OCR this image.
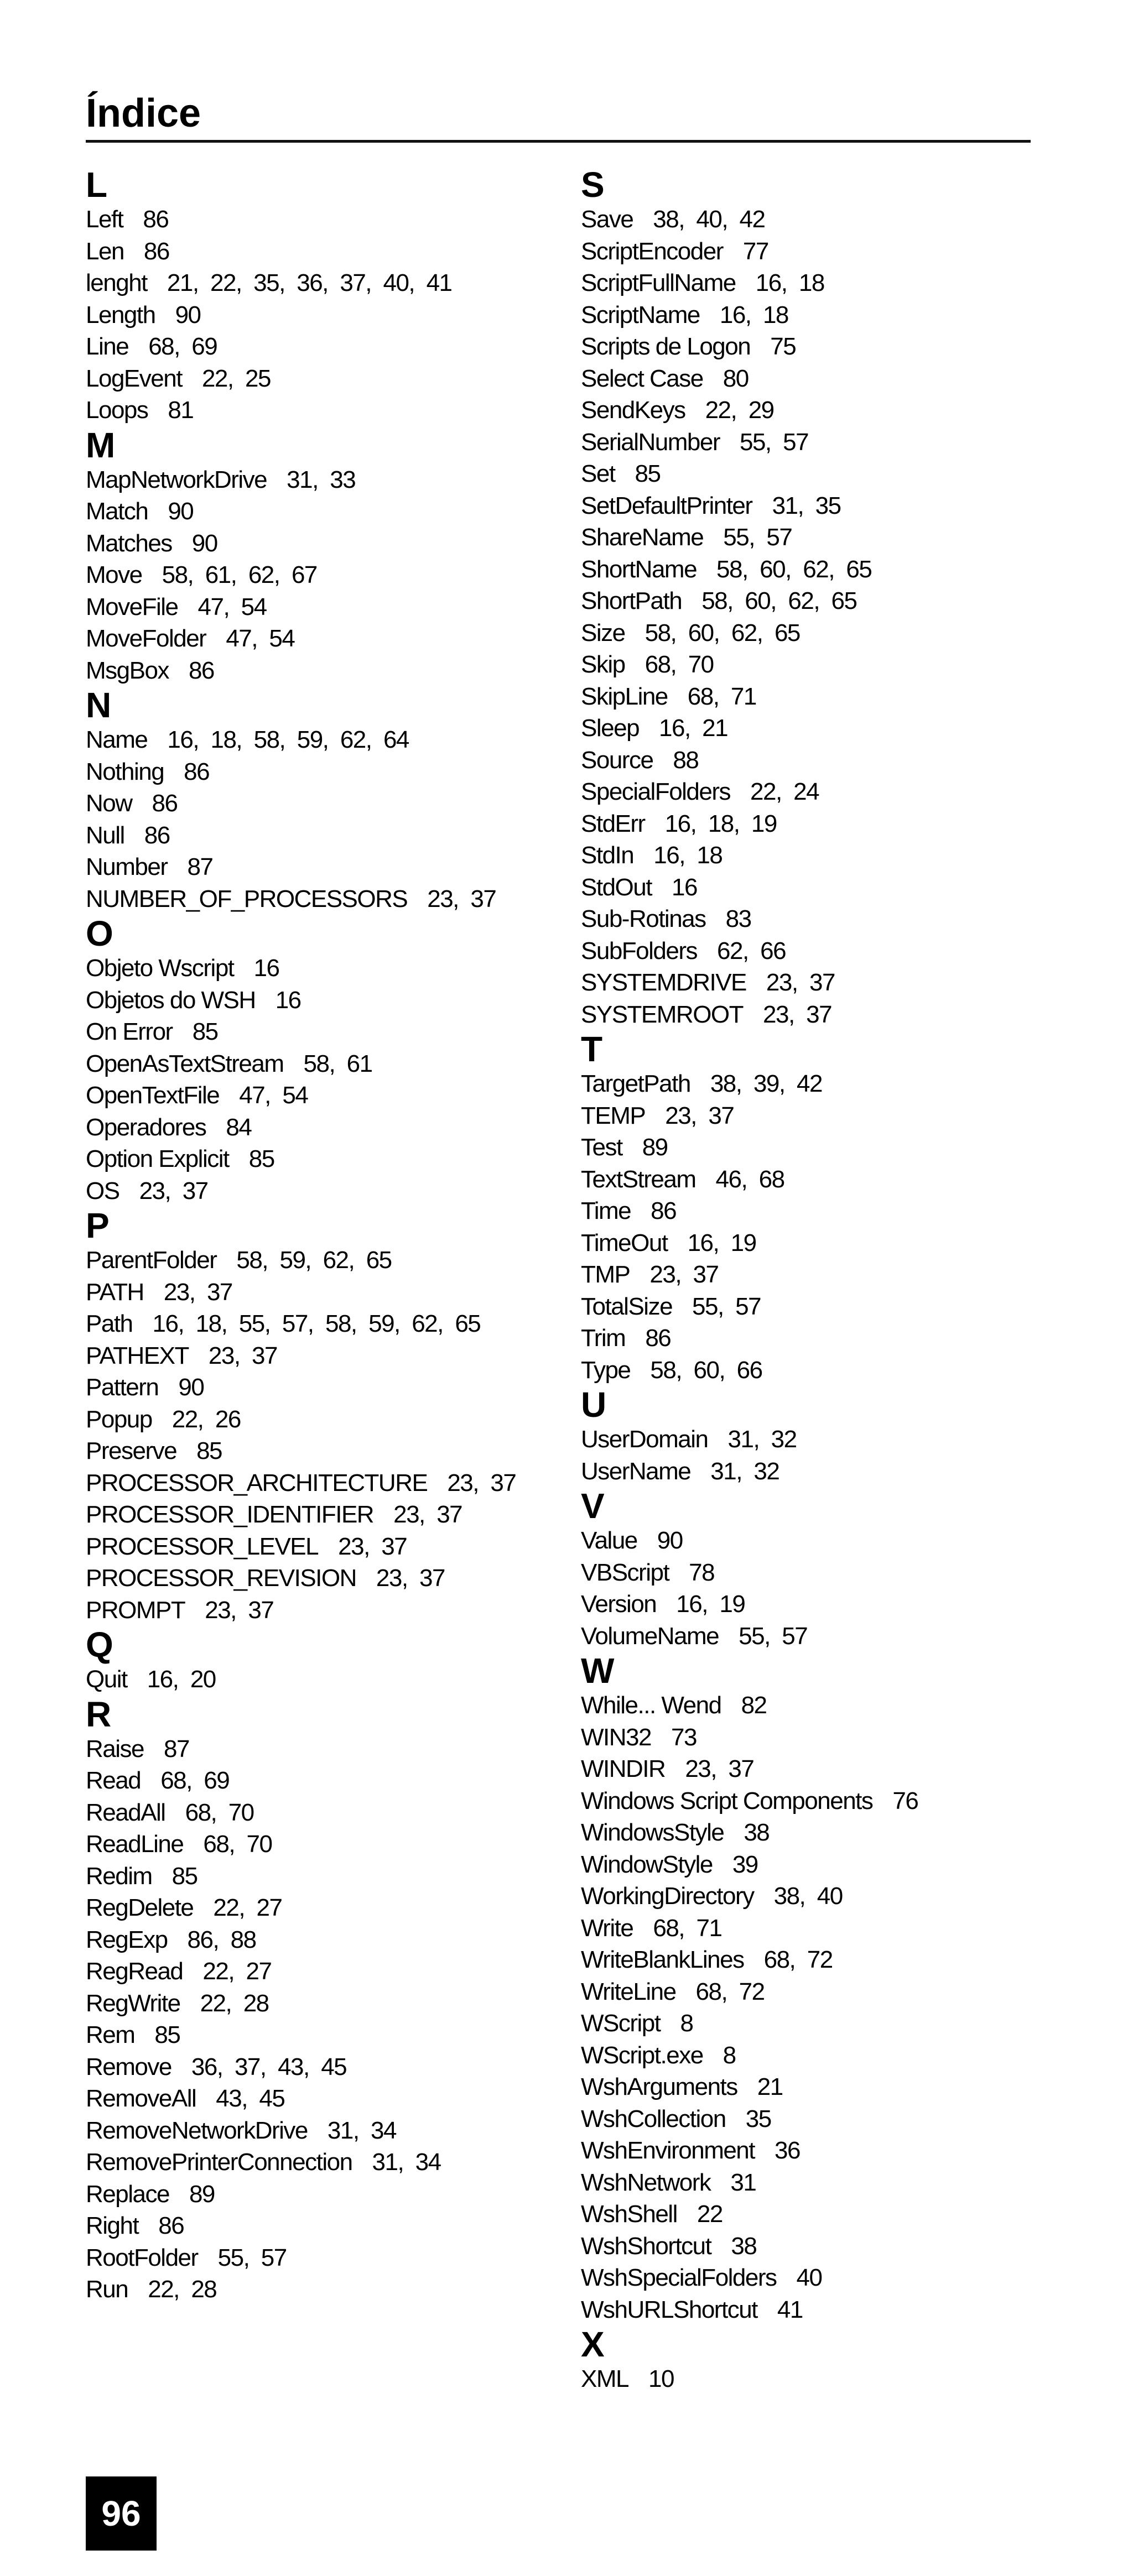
Índice
L
Left 86
Len 86
lenght 21,  22,  35,  36,  37,  40,  41
Length 90
Line 68,  69
LogEvent 22,  25
Loops 81
M
MapNetworkDrive 31,  33
Match 90
Matches 90
Move 58,  61,  62,  67
MoveFile 47,  54
MoveFolder 47,  54
MsgBox 86
N
Name 16,  18,  58,  59,  62,  64
Nothing 86
Now 86
Null 86
Number 87
NUMBER_OF_PROCESSORS 23,  37
O
Objeto Wscript 16
Objetos do WSH 16
On Error 85
OpenAsTextStream 58,  61
OpenTextFile 47,  54
Operadores 84
Option Explicit 85
OS 23,  37
P
ParentFolder 58,  59,  62,  65
PATH 23,  37
Path 16,  18,  55,  57,  58,  59,  62,  65
PATHEXT 23,  37
Pattern 90
Popup 22,  26
Preserve 85
PROCESSOR_ARCHITECTURE 23,  37
PROCESSOR_IDENTIFIER 23,  37
PROCESSOR_LEVEL 23,  37
PROCESSOR_REVISION 23,  37
PROMPT 23,  37
Q
Quit 16,  20
R
Raise 87
Read 68,  69
ReadAll 68,  70
ReadLine 68,  70
Redim 85
RegDelete 22,  27
RegExp 86,  88
RegRead 22,  27
RegWrite 22,  28
Rem 85
Remove 36,  37,  43,  45
RemoveAll 43,  45
RemoveNetworkDrive 31,  34
RemovePrinterConnection 31,  34
Replace 89
Right 86
RootFolder 55,  57
Run 22,  28
S
Save 38,  40,  42
ScriptEncoder 77
ScriptFullName 16,  18
ScriptName 16,  18
Scripts de Logon 75
Select Case 80
SendKeys 22,  29
SerialNumber 55,  57
Set 85
SetDefaultPrinter 31,  35
ShareName 55,  57
ShortName 58,  60,  62,  65
ShortPath 58,  60,  62,  65
Size 58,  60,  62,  65
Skip 68,  70
SkipLine 68,  71
Sleep 16,  21
Source 88
SpecialFolders 22,  24
StdErr 16,  18,  19
StdIn 16,  18
StdOut 16
Sub-Rotinas 83
SubFolders 62,  66
SYSTEMDRIVE 23,  37
SYSTEMROOT 23,  37
T
TargetPath 38,  39,  42
TEMP 23,  37
Test 89
TextStream 46,  68
Time 86
TimeOut 16,  19
TMP 23,  37
TotalSize 55,  57
Trim 86
Type 58,  60,  66
U
UserDomain 31,  32
UserName 31,  32
V
Value 90
VBScript 78
Version 16,  19
VolumeName 55,  57
W
While... Wend 82
WIN32 73
WINDIR 23,  37
Windows Script Components 76
WindowsStyle 38
WindowStyle 39
WorkingDirectory 38,  40
Write 68,  71
WriteBlankLines 68,  72
WriteLine 68,  72
WScript 8
WScript.exe 8
WshArguments 21
WshCollection 35
WshEnvironment 36
WshNetwork 31
WshShell 22
WshShortcut 38
WshSpecialFolders 40
WshURLShortcut 41
X
XML 10
96
